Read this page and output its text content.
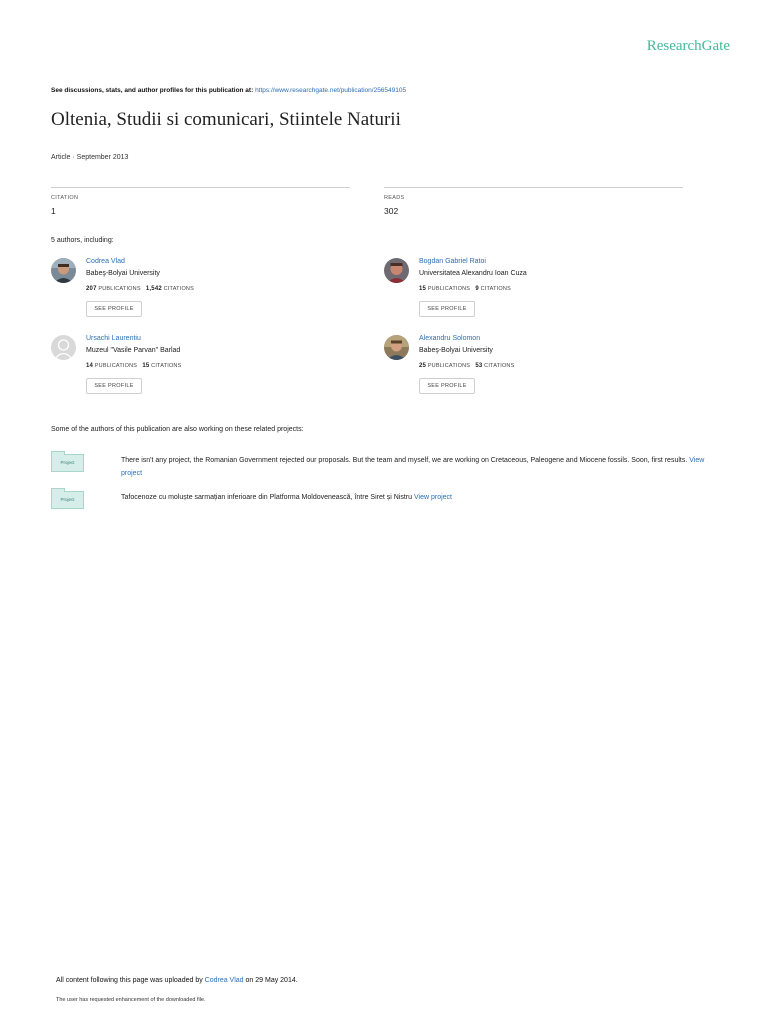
ResearchGate
See discussions, stats, and author profiles for this publication at: https://www.researchgate.net/publication/256549105
Oltenia, Studii si comunicari, Stiintele Naturii
Article · September 2013
CITATION
1
READS
302
5 authors, including:
Codrea Vlad
Babeş-Bolyai University
207 PUBLICATIONS 1,542 CITATIONS
SEE PROFILE
Bogdan Gabriel Ratoi
Universitatea Alexandru Ioan Cuza
15 PUBLICATIONS 9 CITATIONS
SEE PROFILE
Ursachi Laurentiu
Muzeul "Vasile Parvan" Barlad
14 PUBLICATIONS 15 CITATIONS
SEE PROFILE
Alexandru Solomon
Babeş-Bolyai University
25 PUBLICATIONS 53 CITATIONS
SEE PROFILE
Some of the authors of this publication are also working on these related projects:
Project	There isn't any project, the Romanian Government rejected our proposals. But the team and myself, we are working on Cretaceous, Paleogene and Miocene fossils. Soon, first results. View project
Project	Tafocenoze cu moluște sarmațian inferioare din Platforma Moldovenească, între Siret și Nistru View project
All content following this page was uploaded by Codrea Vlad on 29 May 2014.
The user has requested enhancement of the downloaded file.
